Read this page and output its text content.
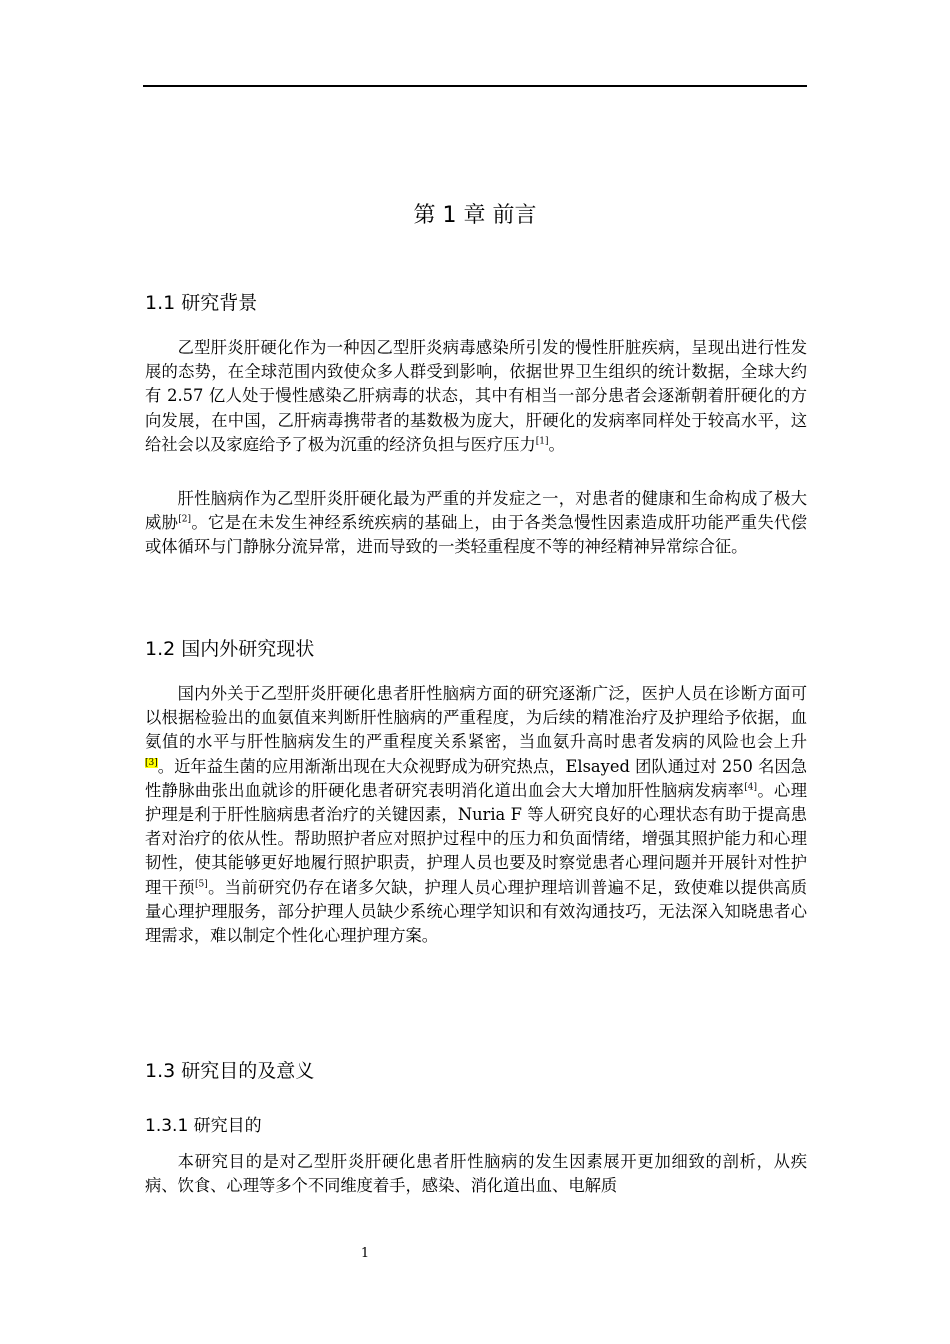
第 1 章 前言
1.1 研究背景

乙型肝炎肝硬化作为一种因乙型肝炎病毒感染所引发的慢性肝脏疾病，呈现出进行性发展的态势，在全球范围内致使众多人群受到影响，依据世界卫生组织的统计数据，全球大约有 2.57 亿人处于慢性感染乙肝病毒的状态，其中有相当一部分患者会逐渐朝着肝硬化的方向发展，在中国，乙肝病毒携带者的基数极为庞大，肝硬化的发病率同样处于较高水平，这给社会以及家庭给予了极为沉重的经济负担与医疗压力[1]。

肝性脑病作为乙型肝炎肝硬化最为严重的并发症之一，对患者的健康和生命构成了极大威胁[2]。它是在未发生神经系统疾病的基础上，由于各类急慢性因素造成肝功能严重失代偿或体循环与门静脉分流异常，进而导致的一类轻重程度不等的神经精神异常综合征。

1.2 国内外研究现状

国内外关于乙型肝炎肝硬化患者肝性脑病方面的研究逐渐广泛，医护人员在诊断方面可以根据检验出的血氨值来判断肝性脑病的严重程度，为后续的精准治疗及护理给予依据，血氨值的水平与肝性脑病发生的严重程度关系紧密，当血氨升高时患者发病的风险也会上升[3]。近年益生菌的应用渐渐出现在大众视野成为研究热点，Elsayed 团队通过对 250 名因急性静脉曲张出血就诊的肝硬化患者研究表明消化道出血会大大增加肝性脑病发病率[4]。心理护理是利于肝性脑病患者治疗的关键因素，Nuria F 等人研究良好的心理状态有助于提高患者对治疗的依从性。帮助照护者应对照护过程中的压力和负面情绪，增强其照护能力和心理韧性，使其能够更好地履行照护职责，护理人员也要及时察觉患者心理问题并开展针对性护理干预[5]。当前研究仍存在诸多欠缺，护理人员心理护理培训普遍不足，致使难以提供高质量心理护理服务，部分护理人员缺少系统心理学知识和有效沟通技巧，无法深入知晓患者心理需求，难以制定个性化心理护理方案。

1.3 研究目的及意义
1.3.1 研究目的

本研究目的是对乙型肝炎肝硬化患者肝性脑病的发生因素展开更加细致的剖析，从疾病、饮食、心理等多个不同维度着手，感染、消化道出血、电解质

1
